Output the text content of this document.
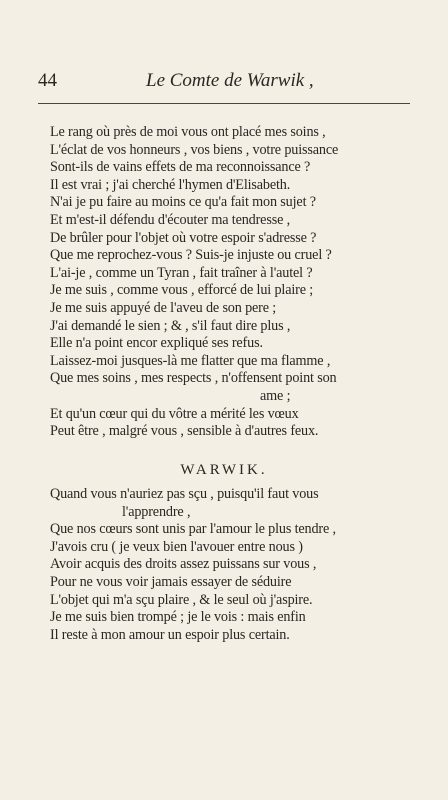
44	Le Comte de Warwik ,
Le rang où près de moi vous ont placé mes soins ,
L'éclat de vos honneurs , vos biens , votre puissance
Sont-ils de vains effets de ma reconnoissance ?
Il est vrai ; j'ai cherché l'hymen d'Elisabeth.
N'ai je pu faire au moins ce qu'a fait mon sujet ?
Et m'est-il défendu d'écouter ma tendresse ,
De brûler pour l'objet où votre espoir s'adresse ?
Que me reprochez-vous ? Suis-je injuste ou cruel ?
L'ai-je , comme un Tyran , fait traîner à l'autel ?
Je me suis , comme vous , efforcé de lui plaire ;
Je me suis appuyé de l'aveu de son pere ;
J'ai demandé le sien ; & , s'il faut dire plus ,
Elle n'a point encor expliqué ses refus.
Laissez-moi jusques-là me flatter que ma flamme ,
Que mes soins , mes respects , n'offensent point son
ame ;
Et qu'un cœur qui du vôtre a mérité les vœux
Peut être , malgré vous , sensible à d'autres feux.
WARWIK.
Quand vous n'auriez pas sçu , puisqu'il faut vous
l'apprendre ,
Que nos cœurs sont unis par l'amour le plus tendre ,
J'avois cru ( je veux bien l'avouer entre nous )
Avoir acquis des droits assez puissans sur vous ,
Pour ne vous voir jamais essayer de séduire
L'objet qui m'a sçu plaire , & le seul où j'aspire.
Je me suis bien trompé ; je le vois : mais enfin
Il reste à mon amour un espoir plus certain.
